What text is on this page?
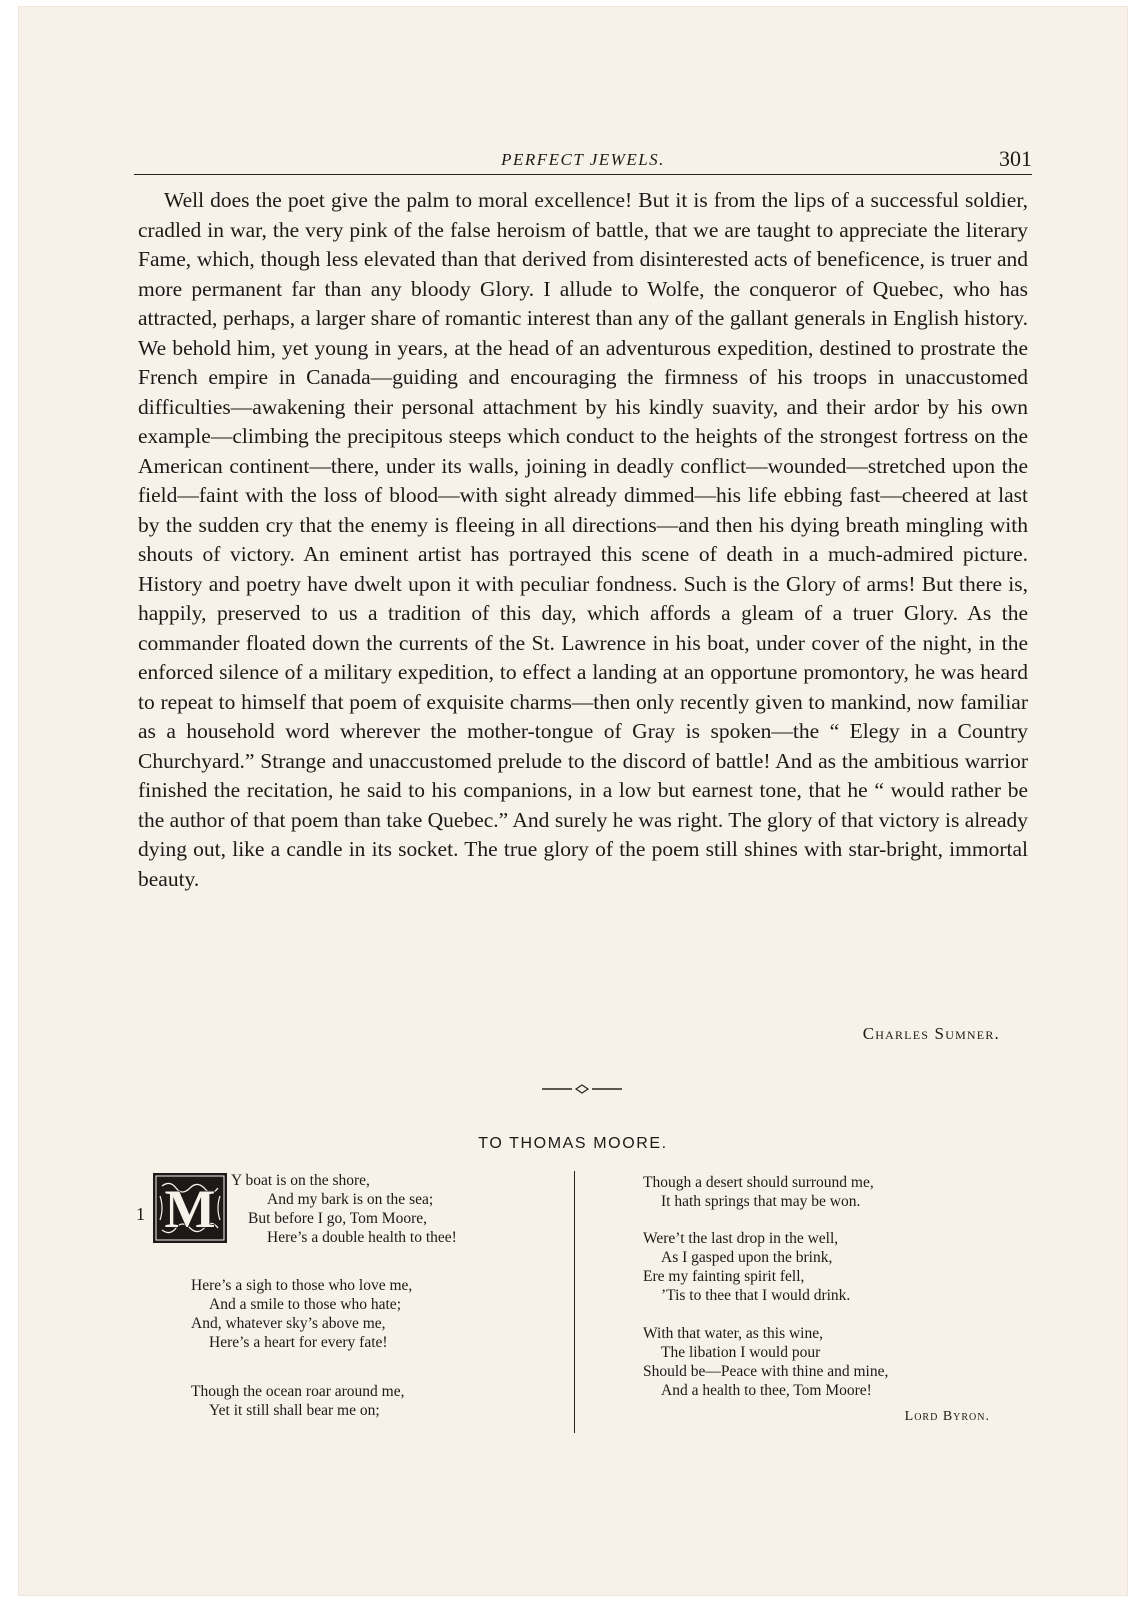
PERFECT JEWELS.	301

Well does the poet give the palm to moral excellence! But it is from the lips of a successful soldier, cradled in war, the very pink of the false heroism of battle, that we are taught to appreciate the literary Fame, which, though less elevated than that derived from disinterested acts of beneficence, is truer and more permanent far than any bloody Glory. I allude to Wolfe, the conqueror of Quebec, who has attracted, perhaps, a larger share of romantic interest than any of the gallant generals in English history. We behold him, yet young in years, at the head of an adventurous expedition, destined to prostrate the French empire in Canada—guiding and encouraging the firmness of his troops in unaccustomed difficulties—awakening their personal attachment by his kindly suavity, and their ardor by his own example—climbing the precipitous steeps which conduct to the heights of the strongest fortress on the American continent—there, under its walls, joining in deadly conflict—wounded—stretched upon the field—faint with the loss of blood—with sight already dimmed—his life ebbing fast—cheered at last by the sudden cry that the enemy is fleeing in all directions—and then his dying breath mingling with shouts of victory. An eminent artist has portrayed this scene of death in a much-admired picture. History and poetry have dwelt upon it with peculiar fondness. Such is the Glory of arms! But there is, happily, preserved to us a tradition of this day, which affords a gleam of a truer Glory. As the commander floated down the currents of the St. Lawrence in his boat, under cover of the night, in the enforced silence of a military expedition, to effect a landing at an opportune promontory, he was heard to repeat to himself that poem of exquisite charms—then only recently given to mankind, now familiar as a household word wherever the mother-tongue of Gray is spoken—the “ Elegy in a Country Churchyard.” Strange and unaccustomed prelude to the discord of battle! And as the ambitious warrior finished the recitation, he said to his companions, in a low but earnest tone, that he “ would rather be the author of that poem than take Quebec.” And surely he was right. The glory of that victory is already dying out, like a candle in its socket. The true glory of the poem still shines with star-bright, immortal beauty.

Charles Sumner.
TO THOMAS MOORE.
M
1

Y boat is on the shore,
And my bark is on the sea;
But before I go, Tom Moore,
Here’s a double health to thee!

Here’s a sigh to those who love me,
And a smile to those who hate;
And, whatever sky’s above me,
Here’s a heart for every fate!

Though the ocean roar around me,
Yet it still shall bear me on;

Though a desert should surround me,
It hath springs that may be won.

Were’t the last drop in the well,
As I gasped upon the brink,
Ere my fainting spirit fell,
’Tis to thee that I would drink.

With that water, as this wine,
The libation I would pour
Should be—Peace with thine and mine,
And a health to thee, Tom Moore!

Lord Byron.
